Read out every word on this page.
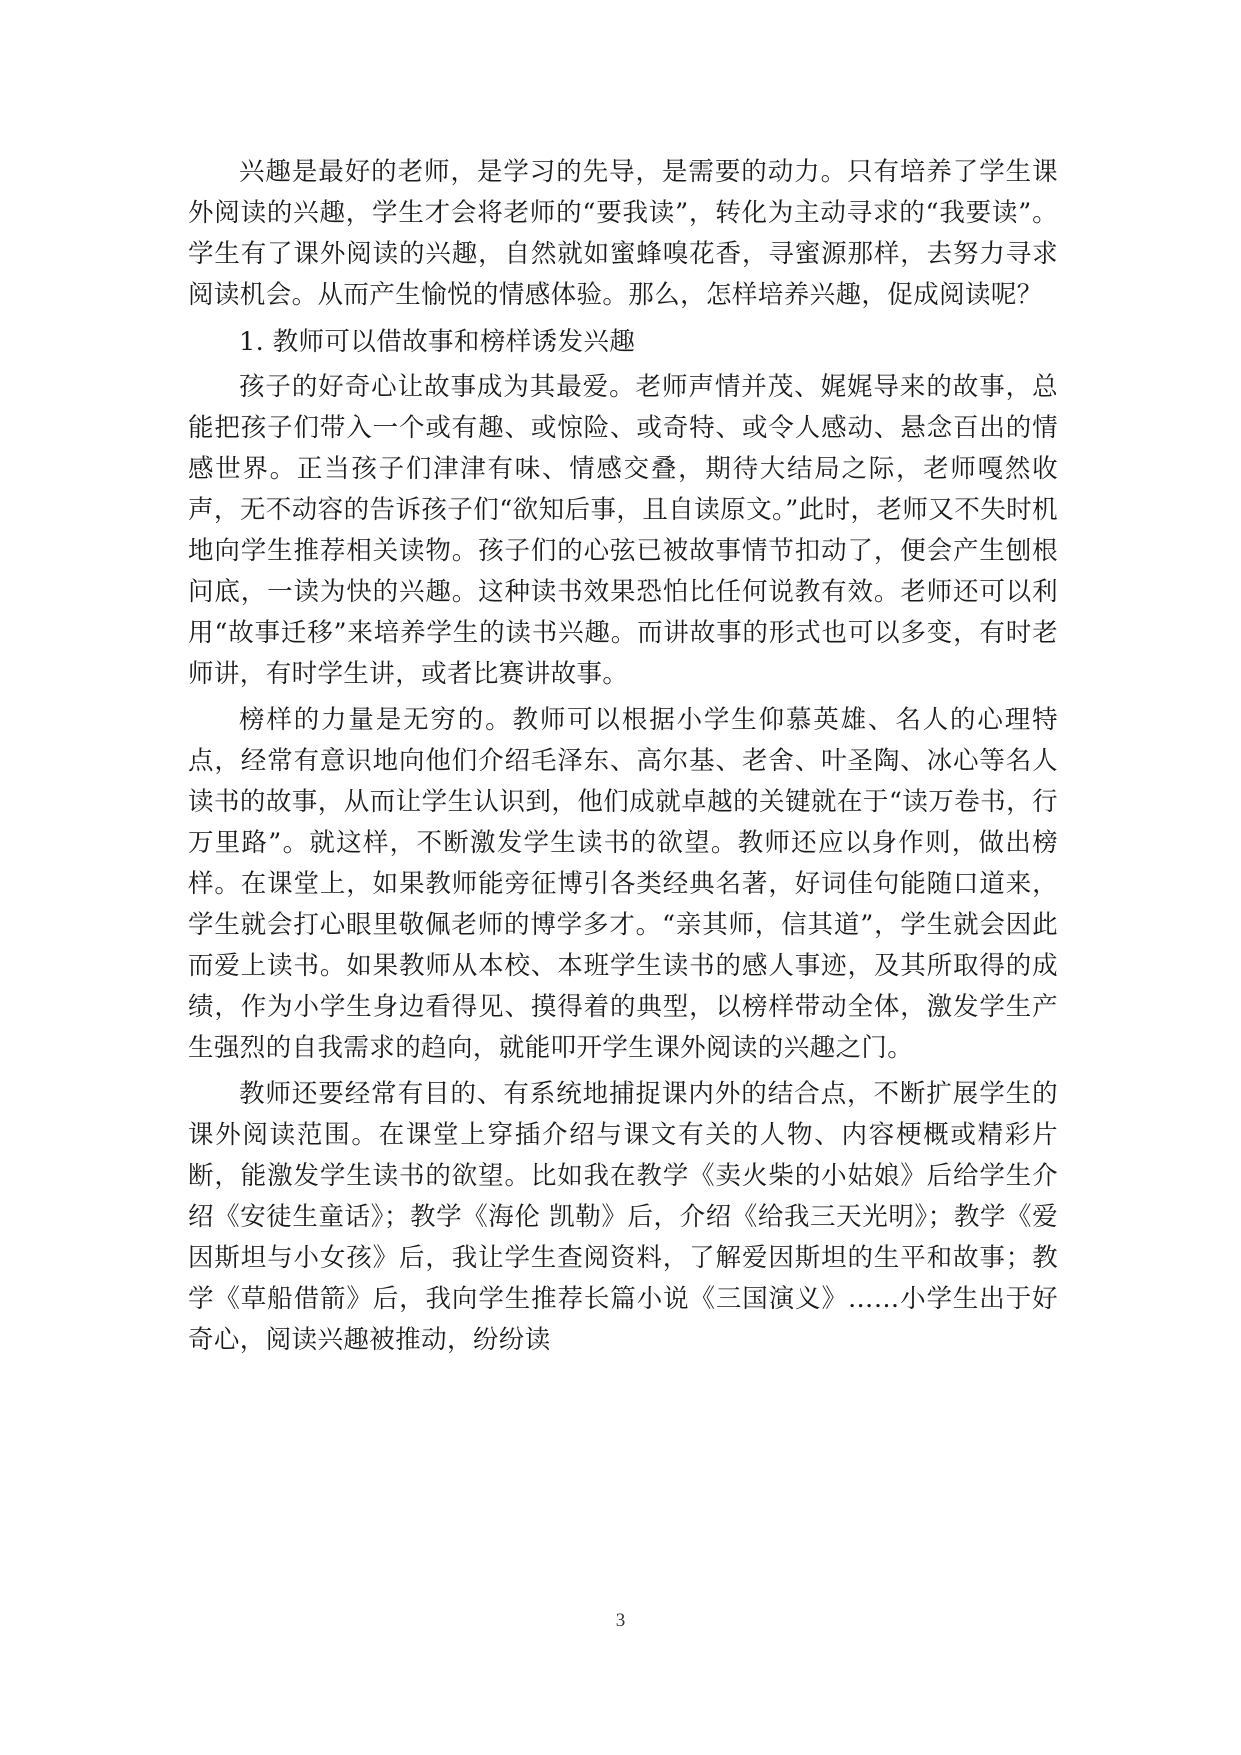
兴趣是最好的老师，是学习的先导，是需要的动力。只有培养了学生课外阅读的兴趣，学生才会将老师的“要我读”，转化为主动寻求的“我要读”。学生有了课外阅读的兴趣，自然就如蜜蜂嗅花香，寻蜜源那样，去努力寻求阅读机会。从而产生愉悦的情感体验。那么，怎样培养兴趣，促成阅读呢？

1. 教师可以借故事和榜样诱发兴趣

孩子的好奇心让故事成为其最爱。老师声情并茂、娓娓导来的故事，总能把孩子们带入一个或有趣、或惊险、或奇特、或令人感动、悬念百出的情感世界。正当孩子们津津有味、情感交叠，期待大结局之际，老师嘎然收声，无不动容的告诉孩子们“欲知后事，且自读原文。”此时，老师又不失时机地向学生推荐相关读物。孩子们的心弦已被故事情节扣动了，便会产生刨根问底，一读为快的兴趣。这种读书效果恐怕比任何说教有效。老师还可以利用“故事迁移”来培养学生的读书兴趣。而讲故事的形式也可以多变，有时老师讲，有时学生讲，或者比赛讲故事。

榜样的力量是无穷的。教师可以根据小学生仰慕英雄、名人的心理特点，经常有意识地向他们介绍毛泽东、高尔基、老舍、叶圣陶、冰心等名人读书的故事，从而让学生认识到，他们成就卓越的关键就在于“读万卷书，行万里路”。就这样，不断激发学生读书的欲望。教师还应以身作则，做出榜样。在课堂上，如果教师能旁征博引各类经典名著，好词佳句能随口道来，学生就会打心眼里敬佩老师的博学多才。“亲其师，信其道”，学生就会因此而爱上读书。如果教师从本校、本班学生读书的感人事迹，及其所取得的成绩，作为小学生身边看得见、摸得着的典型，以榜样带动全体，激发学生产生强烈的自我需求的趋向，就能叩开学生课外阅读的兴趣之门。

教师还要经常有目的、有系统地捕捉课内外的结合点，不断扩展学生的课外阅读范围。在课堂上穿插介绍与课文有关的人物、内容梗概或精彩片断，能激发学生读书的欲望。比如我在教学《卖火柴的小姑娘》后给学生介绍《安徒生童话》；教学《海伦 凯勒》后，介绍《给我三天光明》；教学《爱因斯坦与小女孩》后，我让学生查阅资料，了解爱因斯坦的生平和故事；教学《草船借箭》后，我向学生推荐长篇小说《三国演义》……小学生出于好奇心，阅读兴趣被推动，纷纷读

3
